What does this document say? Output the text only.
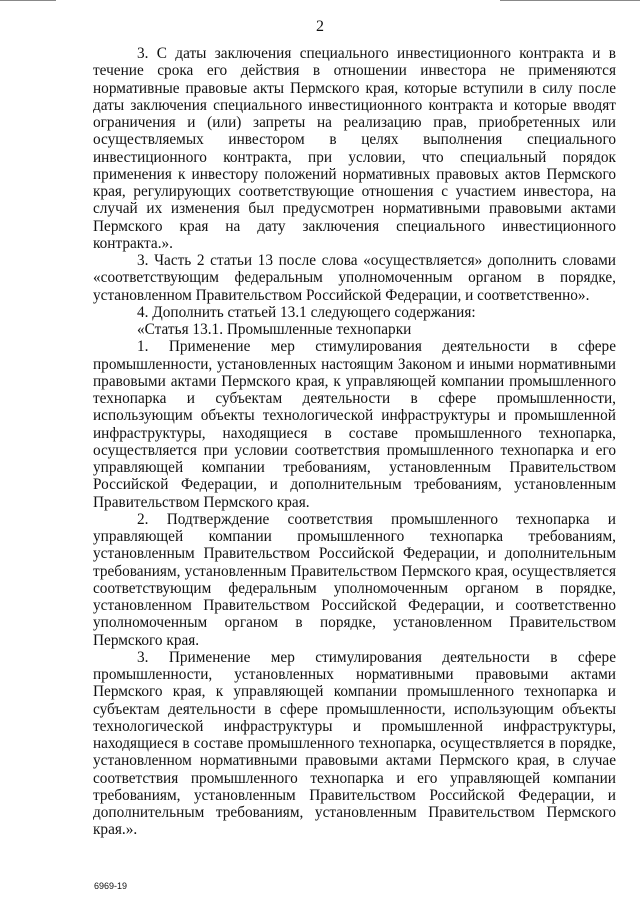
2

3. С даты заключения специального инвестиционного контракта и в течение срока его действия в отношении инвестора не применяются нормативные правовые акты Пермского края, которые вступили в силу после даты заключения специального инвестиционного контракта и которые вводят ограничения и (или) запреты на реализацию прав, приобретенных или осуществляемых инвестором в целях выполнения специального инвестиционного контракта, при условии, что специальный порядок применения к инвестору положений нормативных правовых актов Пермского края, регулирующих соответствующие отношения с участием инвестора, на случай их изменения был предусмотрен нормативными правовыми актами Пермского края на дату заключения специального инвестиционного контракта.».

3. Часть 2 статьи 13 после слова «осуществляется» дополнить словами «соответствующим федеральным уполномоченным органом в порядке, установленном Правительством Российской Федерации, и соответственно».

4. Дополнить статьей 13.1 следующего содержания:

«Статья 13.1. Промышленные технопарки

1. Применение мер стимулирования деятельности в сфере промышленности, установленных настоящим Законом и иными нормативными правовыми актами Пермского края, к управляющей компании промышленного технопарка и субъектам деятельности в сфере промышленности, использующим объекты технологической инфраструктуры и промышленной инфраструктуры, находящиеся в составе промышленного технопарка, осуществляется при условии соответствия промышленного технопарка и его управляющей компании требованиям, установленным Правительством Российской Федерации, и дополнительным требованиям, установленным Правительством Пермского края.

2. Подтверждение соответствия промышленного технопарка и управляющей компании промышленного технопарка требованиям, установленным Правительством Российской Федерации, и дополнительным требованиям, установленным Правительством Пермского края, осуществляется соответствующим федеральным уполномоченным органом в порядке, установленном Правительством Российской Федерации, и соответственно уполномоченным органом в порядке, установленном Правительством Пермского края.

3. Применение мер стимулирования деятельности в сфере промышленности, установленных нормативными правовыми актами Пермского края, к управляющей компании промышленного технопарка и субъектам деятельности в сфере промышленности, использующим объекты технологической инфраструктуры и промышленной инфраструктуры, находящиеся в составе промышленного технопарка, осуществляется в порядке, установленном нормативными правовыми актами Пермского края, в случае соответствия промышленного технопарка и его управляющей компании требованиям, установленным Правительством Российской Федерации, и дополнительным требованиям, установленным Правительством Пермского края.».

6969-19
